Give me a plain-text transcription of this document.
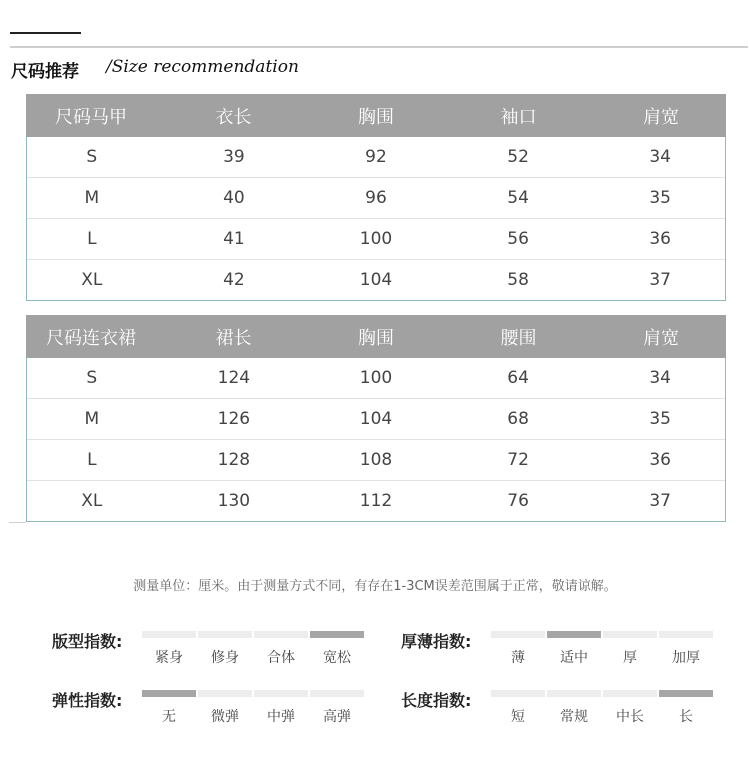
尺码推荐 /Size recommendation
尺码马甲	衣长	胸围	袖口	肩宽
S	39	92	52	34
M	40	96	54	35
L	41	100	56	36
XL	42	104	58	37
尺码连衣裙	裙长	胸围	腰围	肩宽
S	124	100	64	34
M	126	104	68	35
L	128	108	72	36
XL	130	112	76	37
测量单位：厘米。由于测量方式不同，有存在1-3CM误差范围属于正常，敬请谅解。
版型指数:
紧身	修身	合体	宽松
厚薄指数:
薄	适中	厚	加厚
弹性指数:
无	微弹	中弹	高弹
长度指数:
短	常规	中长	长
